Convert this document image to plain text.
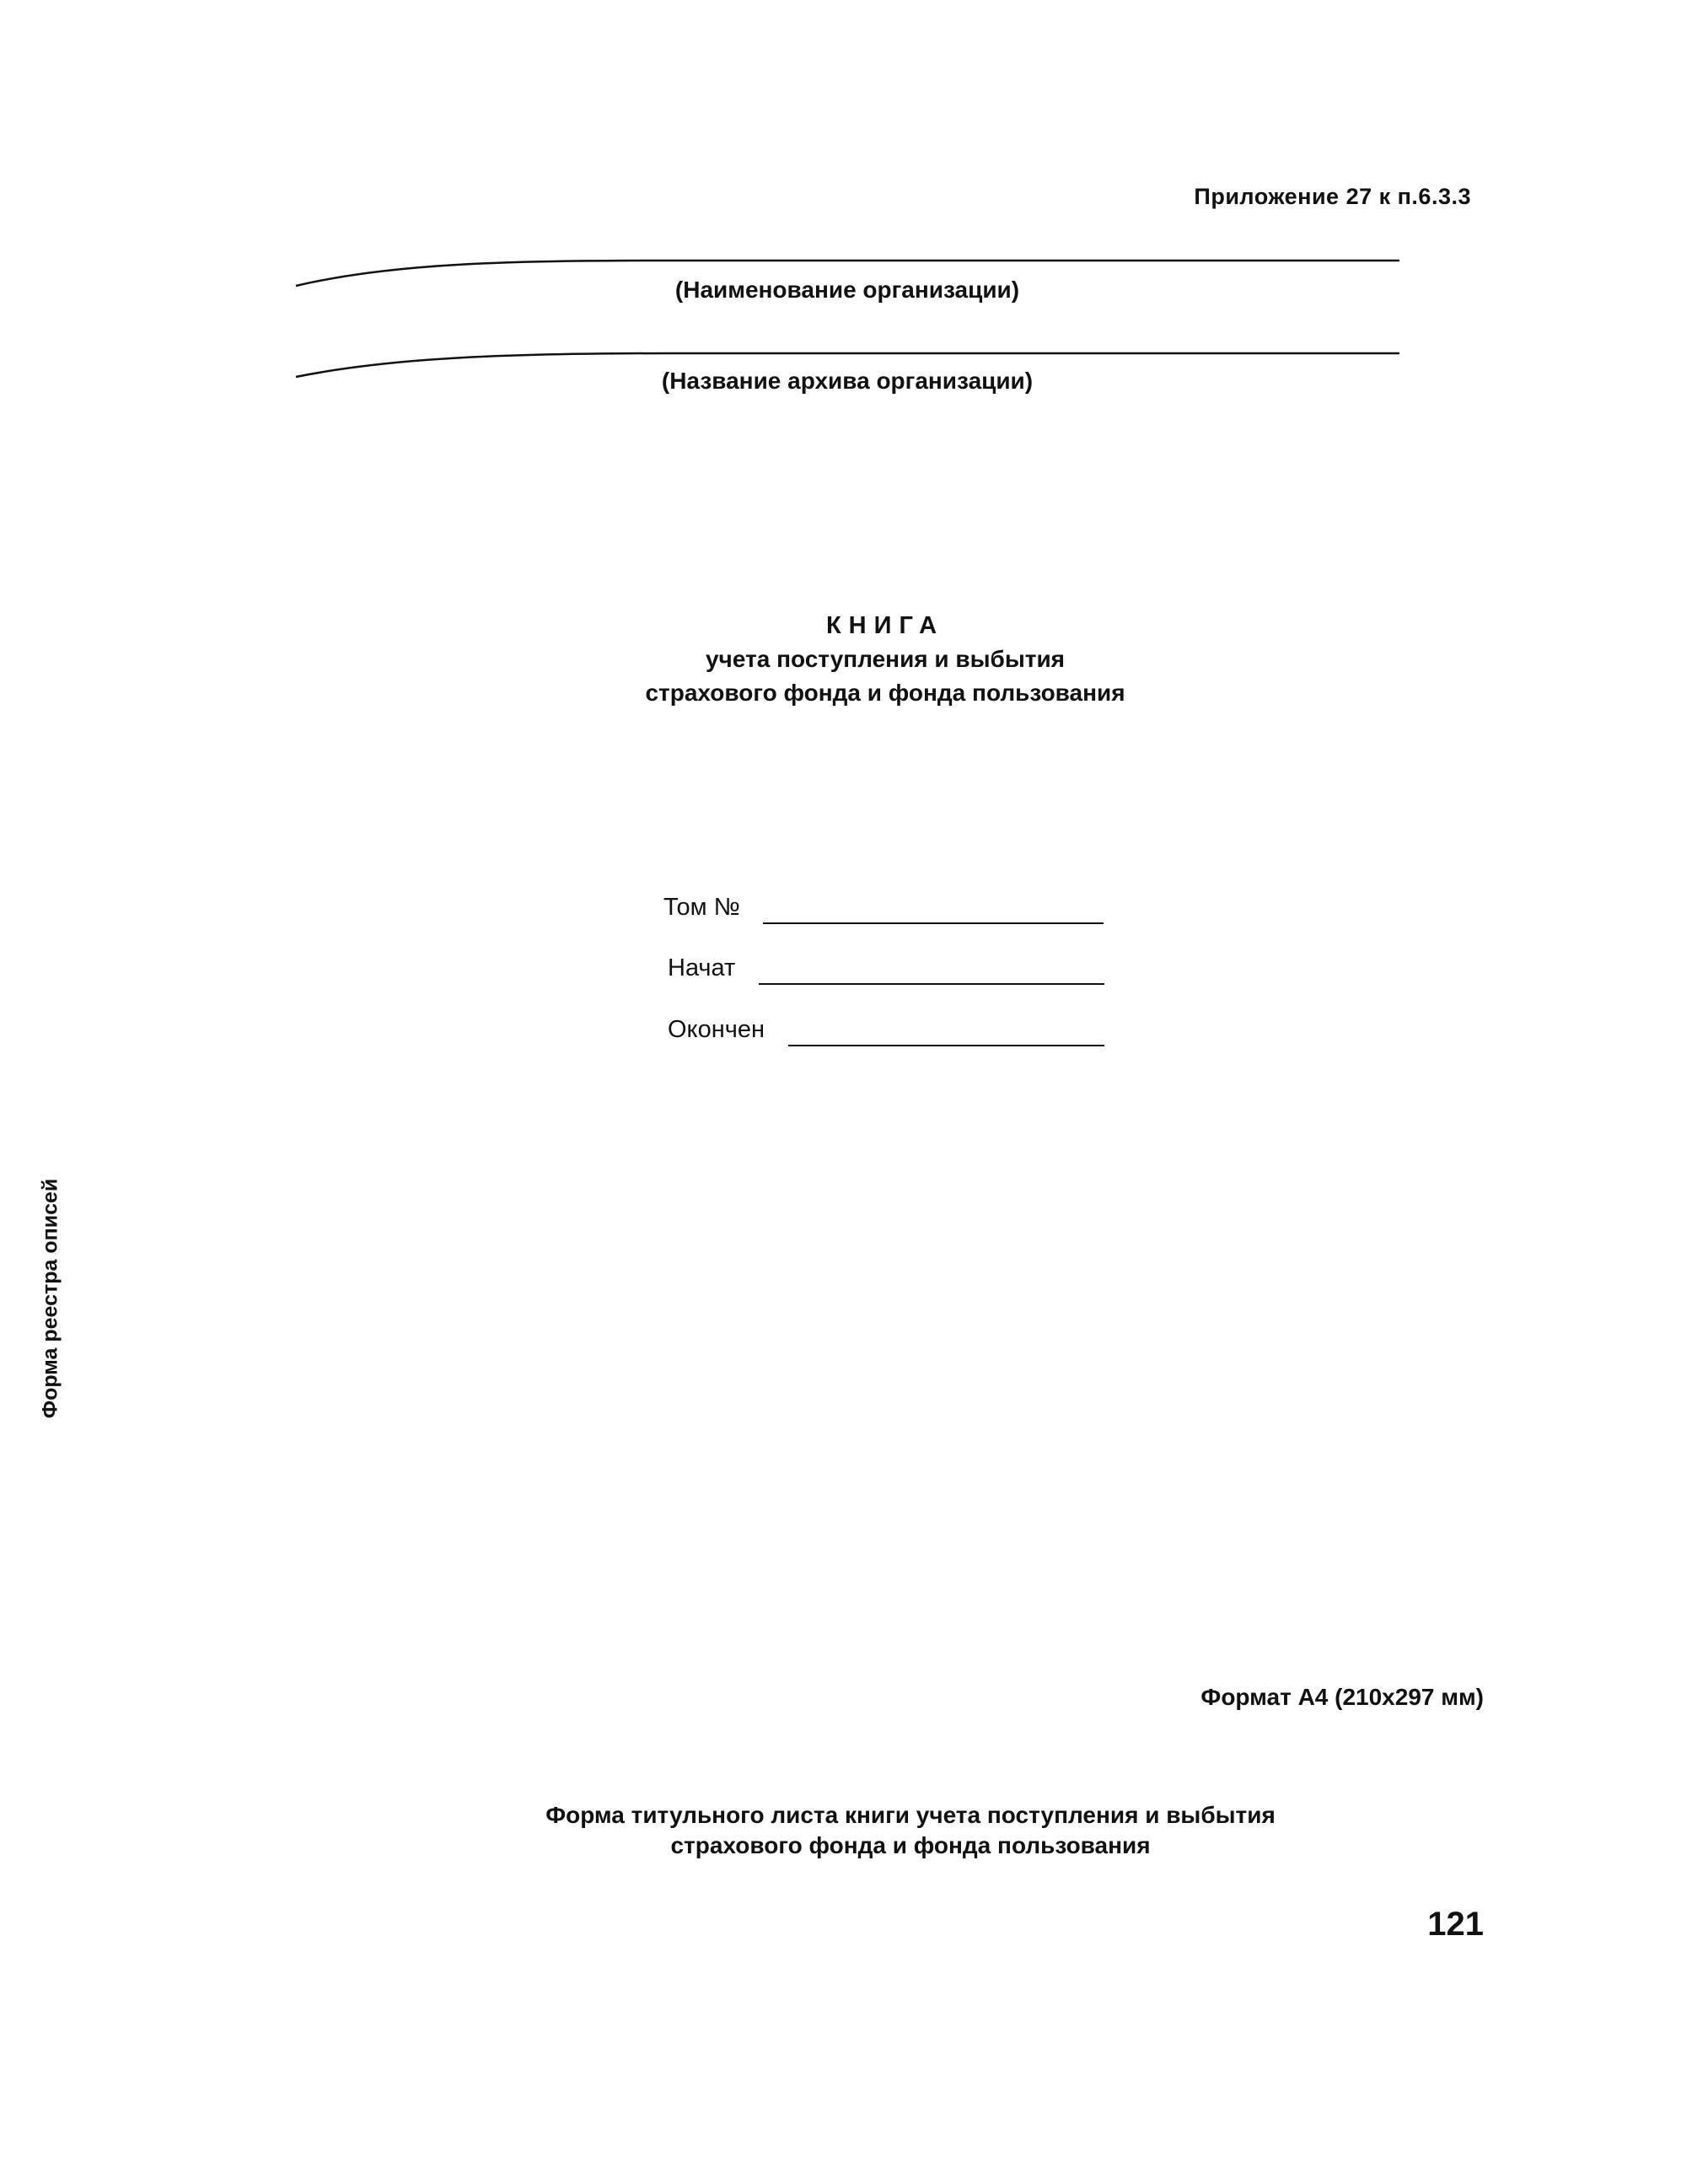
Приложение 27 к п.6.3.3
(Наименование организации)
(Название архива организации)
КНИГА
учета поступления и выбытия
страхового фонда и фонда пользования
Том №
Начат
Окончен
Формат А4 (210х297 мм)
Форма титульного листа книги учета поступления и выбытия
страхового фонда и фонда пользования
121
Форма реестра описей
